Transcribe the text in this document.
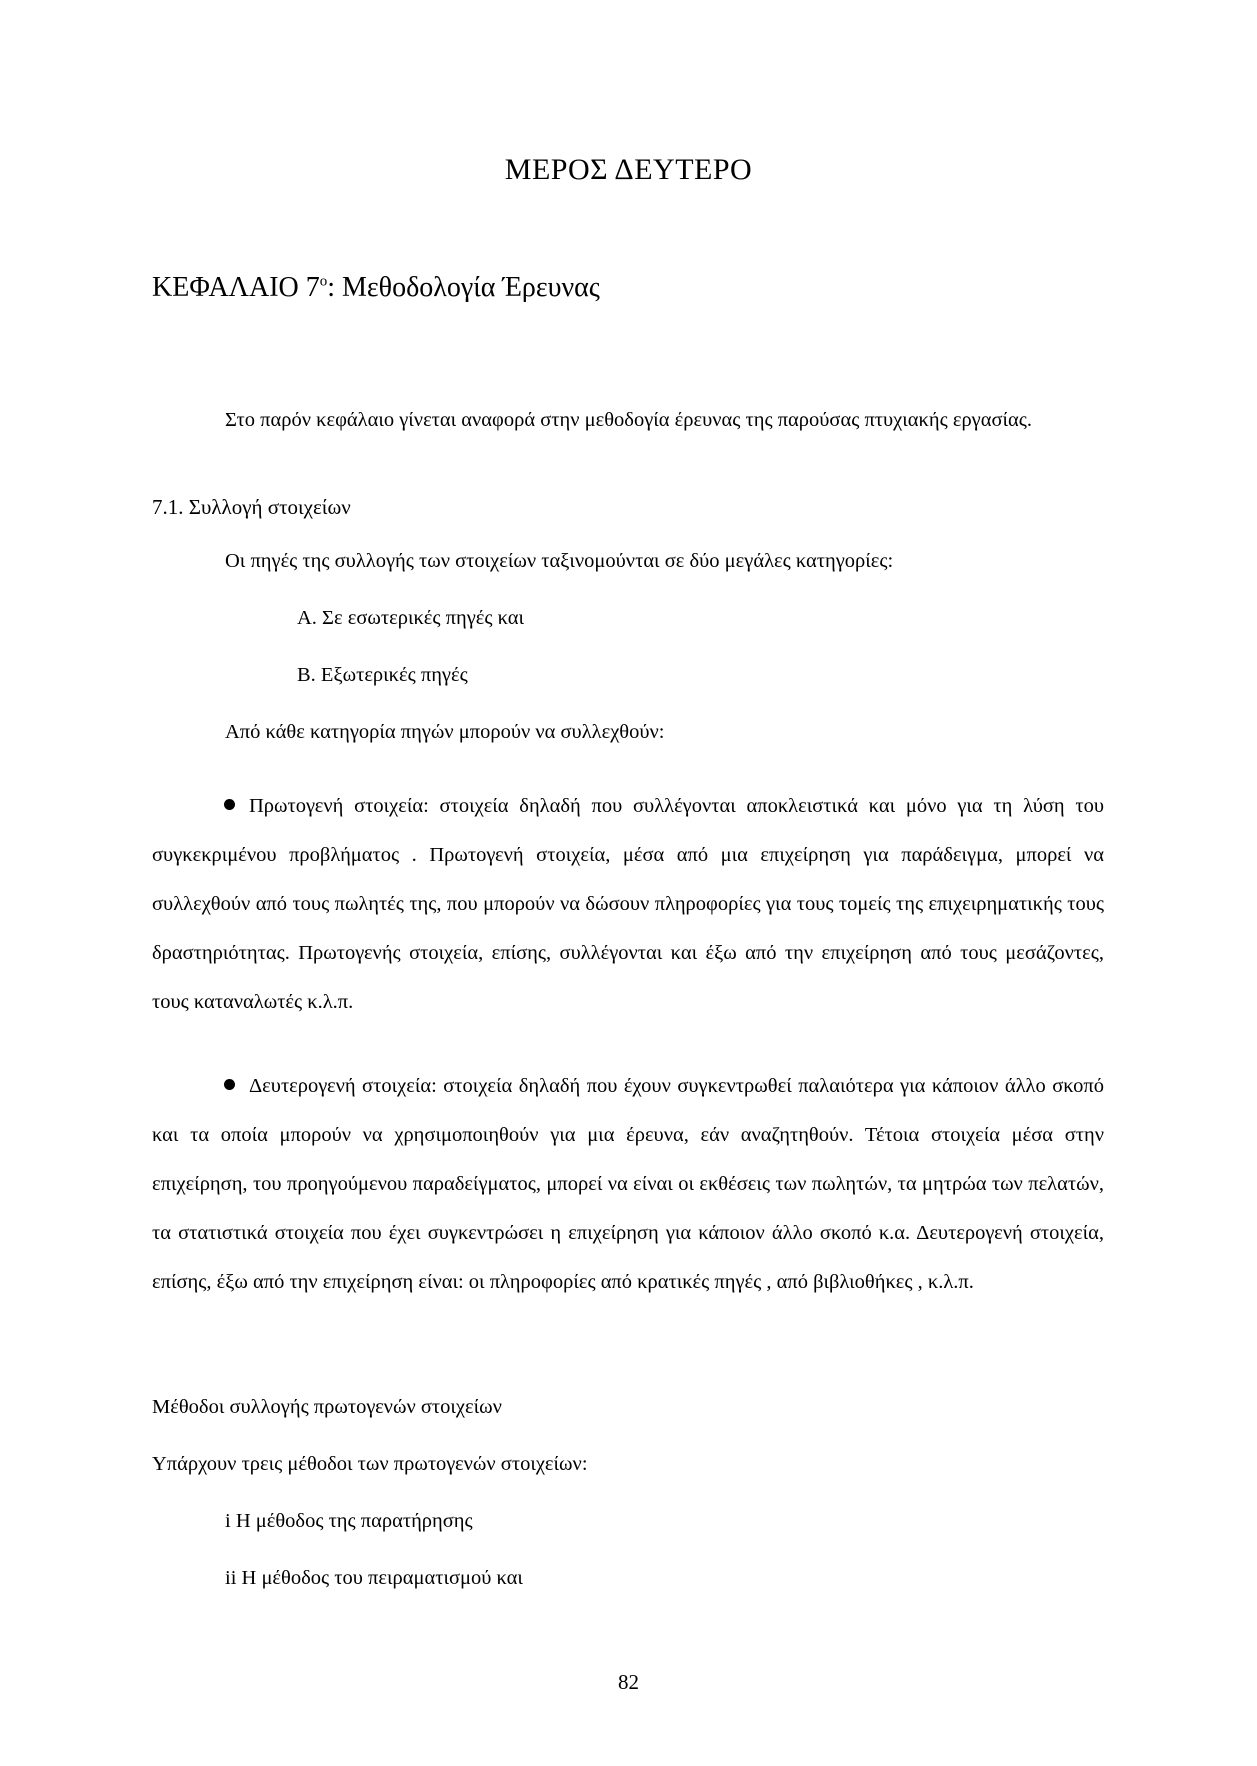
ΜΕΡΟΣ ΔΕΥΤΕΡΟ
ΚΕΦΑΛΑΙΟ $7^o$: Μεθοδολογία Έρευνας
Στο παρόν κεφάλαιο γίνεται αναφορά στην μεθοδογία έρευνας της παρούσας πτυχιακής εργασίας.
7.1. Συλλογή στοιχείων
Οι πηγές της συλλογής των στοιχείων ταξινομούνται σε δύο μεγάλες κατηγορίες:
Α. Σε εσωτερικές πηγές και
Β. Εξωτερικές πηγές
Από κάθε κατηγορία πηγών μπορούν να συλλεχθούν:
Πρωτογενή στοιχεία: στοιχεία δηλαδή που συλλέγονται αποκλειστικά και μόνο για τη λύση του συγκεκριμένου προβλήματος . Πρωτογενή στοιχεία, μέσα από μια επιχείρηση για παράδειγμα, μπορεί να συλλεχθούν από τους πωλητές της, που μπορούν να δώσουν πληροφορίες για τους τομείς της επιχειρηματικής τους δραστηριότητας. Πρωτογενής στοιχεία, επίσης, συλλέγονται και έξω από την επιχείρηση από τους μεσάζοντες, τους καταναλωτές κ.λ.π.
Δευτερογενή στοιχεία: στοιχεία δηλαδή που έχουν συγκεντρωθεί παλαιότερα για κάποιον άλλο σκοπό και τα οποία μπορούν να χρησιμοποιηθούν για μια έρευνα, εάν αναζητηθούν. Τέτοια στοιχεία μέσα στην επιχείρηση, του προηγούμενου παραδείγματος, μπορεί να είναι οι εκθέσεις των πωλητών, τα μητρώα των πελατών, τα στατιστικά στοιχεία που έχει συγκεντρώσει η επιχείρηση για κάποιον άλλο σκοπό κ.α. Δευτερογενή στοιχεία, επίσης, έξω από την επιχείρηση είναι: οι πληροφορίες από κρατικές πηγές , από βιβλιοθήκες , κ.λ.π.
Μέθοδοι συλλογής πρωτογενών στοιχείων
Υπάρχουν τρεις μέθοδοι των πρωτογενών στοιχείων:
i Η μέθοδος της παρατήρησης
ii Η μέθοδος του πειραματισμού και
82
